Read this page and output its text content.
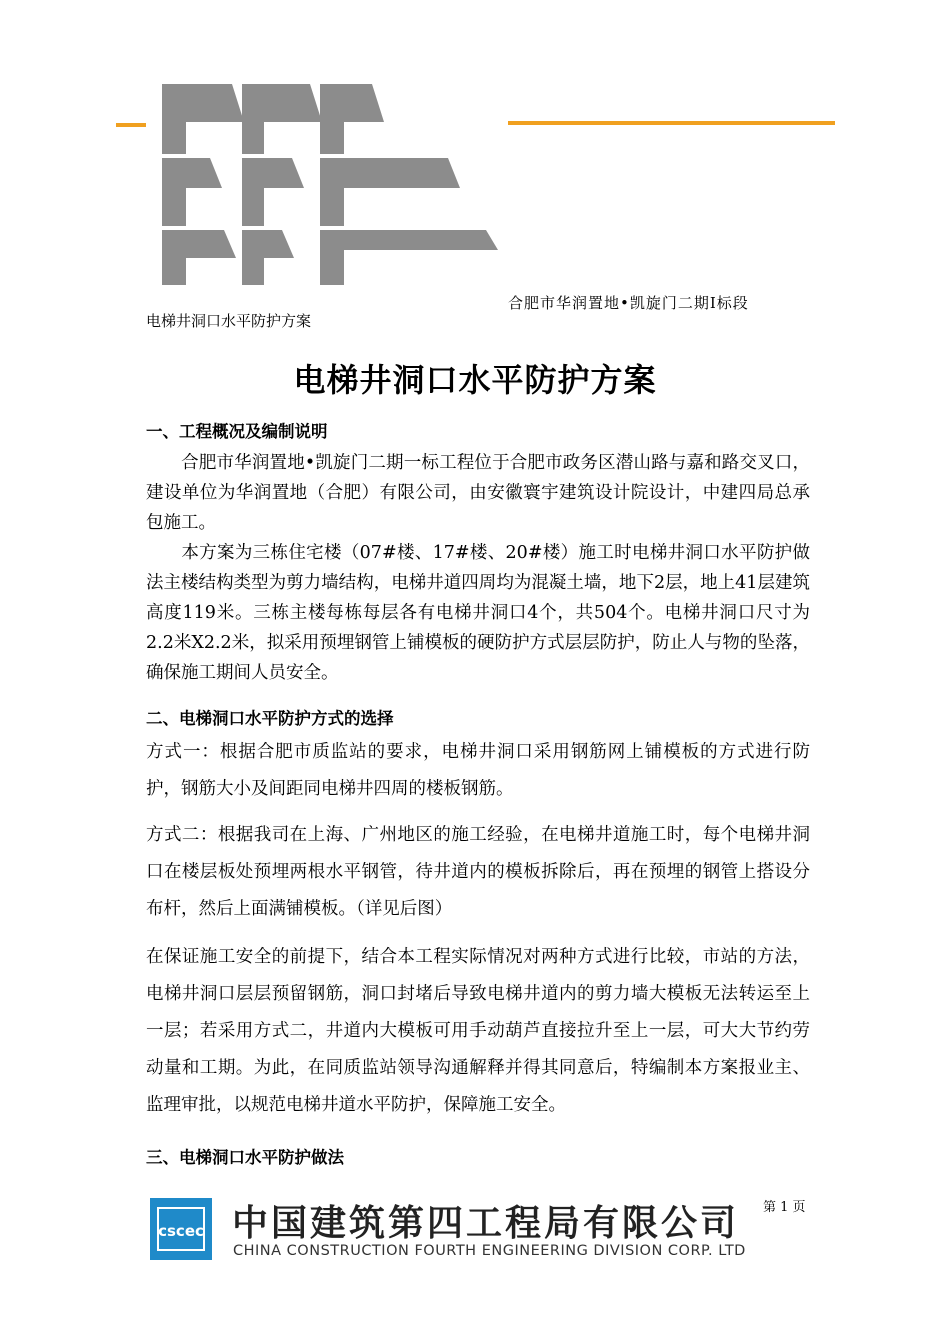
电梯井洞口水平防护方案
合肥市华润置地•凯旋门二期Ⅰ标段
电梯井洞口水平防护方案
一、工程概况及编制说明
合肥市华润置地•凯旋门二期一标工程位于合肥市政务区潜山路与嘉和路交叉口，建设单位为华润置地（合肥）有限公司，由安徽寰宇建筑设计院设计，中建四局总承包施工。
本方案为三栋住宅楼（07#楼、17#楼、20#楼）施工时电梯井洞口水平防护做法主楼结构类型为剪力墙结构，电梯井道四周均为混凝土墙，地下2层，地上41层建筑高度119米。三栋主楼每栋每层各有电梯井洞口4个，共504个。电梯井洞口尺寸为2.2米X2.2米，拟采用预埋钢管上铺模板的硬防护方式层层防护，防止人与物的坠落，确保施工期间人员安全。
二、电梯洞口水平防护方式的选择
方式一：根据合肥市质监站的要求，电梯井洞口采用钢筋网上铺模板的方式进行防护，钢筋大小及间距同电梯井四周的楼板钢筋。
方式二：根据我司在上海、广州地区的施工经验，在电梯井道施工时，每个电梯井洞口在楼层板处预埋两根水平钢管，待井道内的模板拆除后，再在预埋的钢管上搭设分布杆，然后上面满铺模板。（详见后图）
在保证施工安全的前提下，结合本工程实际情况对两种方式进行比较，市站的方法，电梯井洞口层层预留钢筋，洞口封堵后导致电梯井道内的剪力墙大模板无法转运至上一层；若采用方式二，井道内大模板可用手动葫芦直接拉升至上一层，可大大节约劳动量和工期。为此，在同质监站领导沟通解释并得其同意后，特编制本方案报业主、监理审批，以规范电梯井道水平防护，保障施工安全。
三、电梯洞口水平防护做法
cscec 中国建筑第四工程局有限公司
CHINA CONSTRUCTION FOURTH ENGINEERING DIVISION CORP. LTD
第 1 页
